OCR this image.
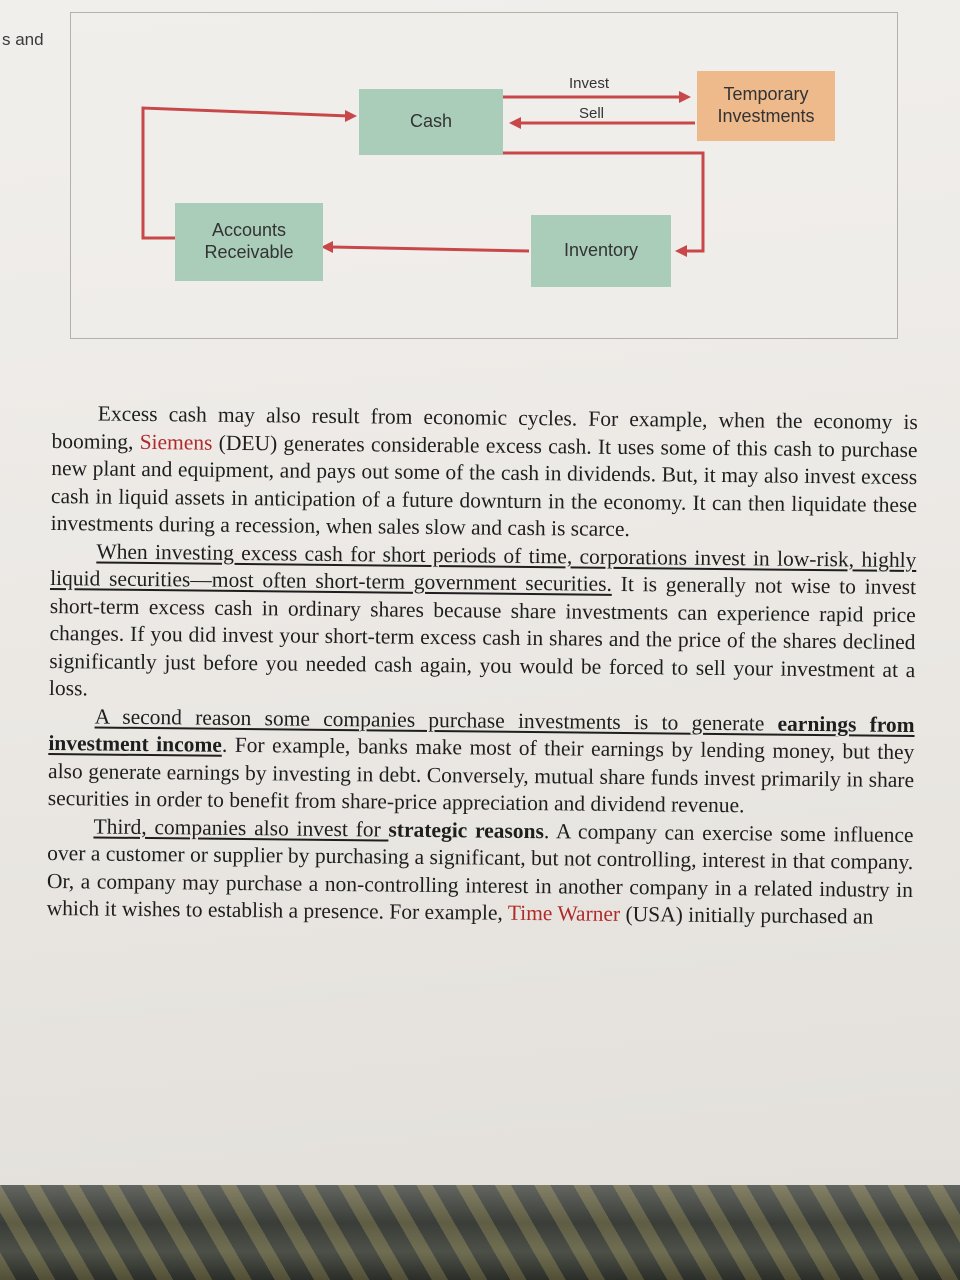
s and
Cash
Temporary
Investments
Accounts
Receivable	Inventory
Invest
Sell

Excess cash may also result from economic cycles. For example, when the economy is booming, Siemens (DEU) generates considerable excess cash. It uses some of this cash to purchase new plant and equipment, and pays out some of the cash in dividends. But, it may also invest excess cash in liquid assets in anticipation of a future downturn in the economy. It can then liquidate these investments during a recession, when sales slow and cash is scarce.

When investing excess cash for short periods of time, corporations invest in low-risk, highly liquid securities—most often short-term government securities. It is generally not wise to invest short-term excess cash in ordinary shares because share investments can experience rapid price changes. If you did invest your short-term excess cash in shares and the price of the shares declined significantly just before you needed cash again, you would be forced to sell your investment at a loss.

A second reason some companies purchase investments is to generate earnings from investment income. For example, banks make most of their earnings by lending money, but they also generate earnings by investing in debt. Conversely, mutual share funds invest primarily in share securities in order to benefit from share-price appreciation and dividend revenue.

Third, companies also invest for strategic reasons. A company can exercise some influence over a customer or supplier by purchasing a significant, but not controlling, interest in that company. Or, a company may purchase a non-controlling interest in another company in a related industry in which it wishes to establish a presence. For example, Time Warner (USA) initially purchased an
